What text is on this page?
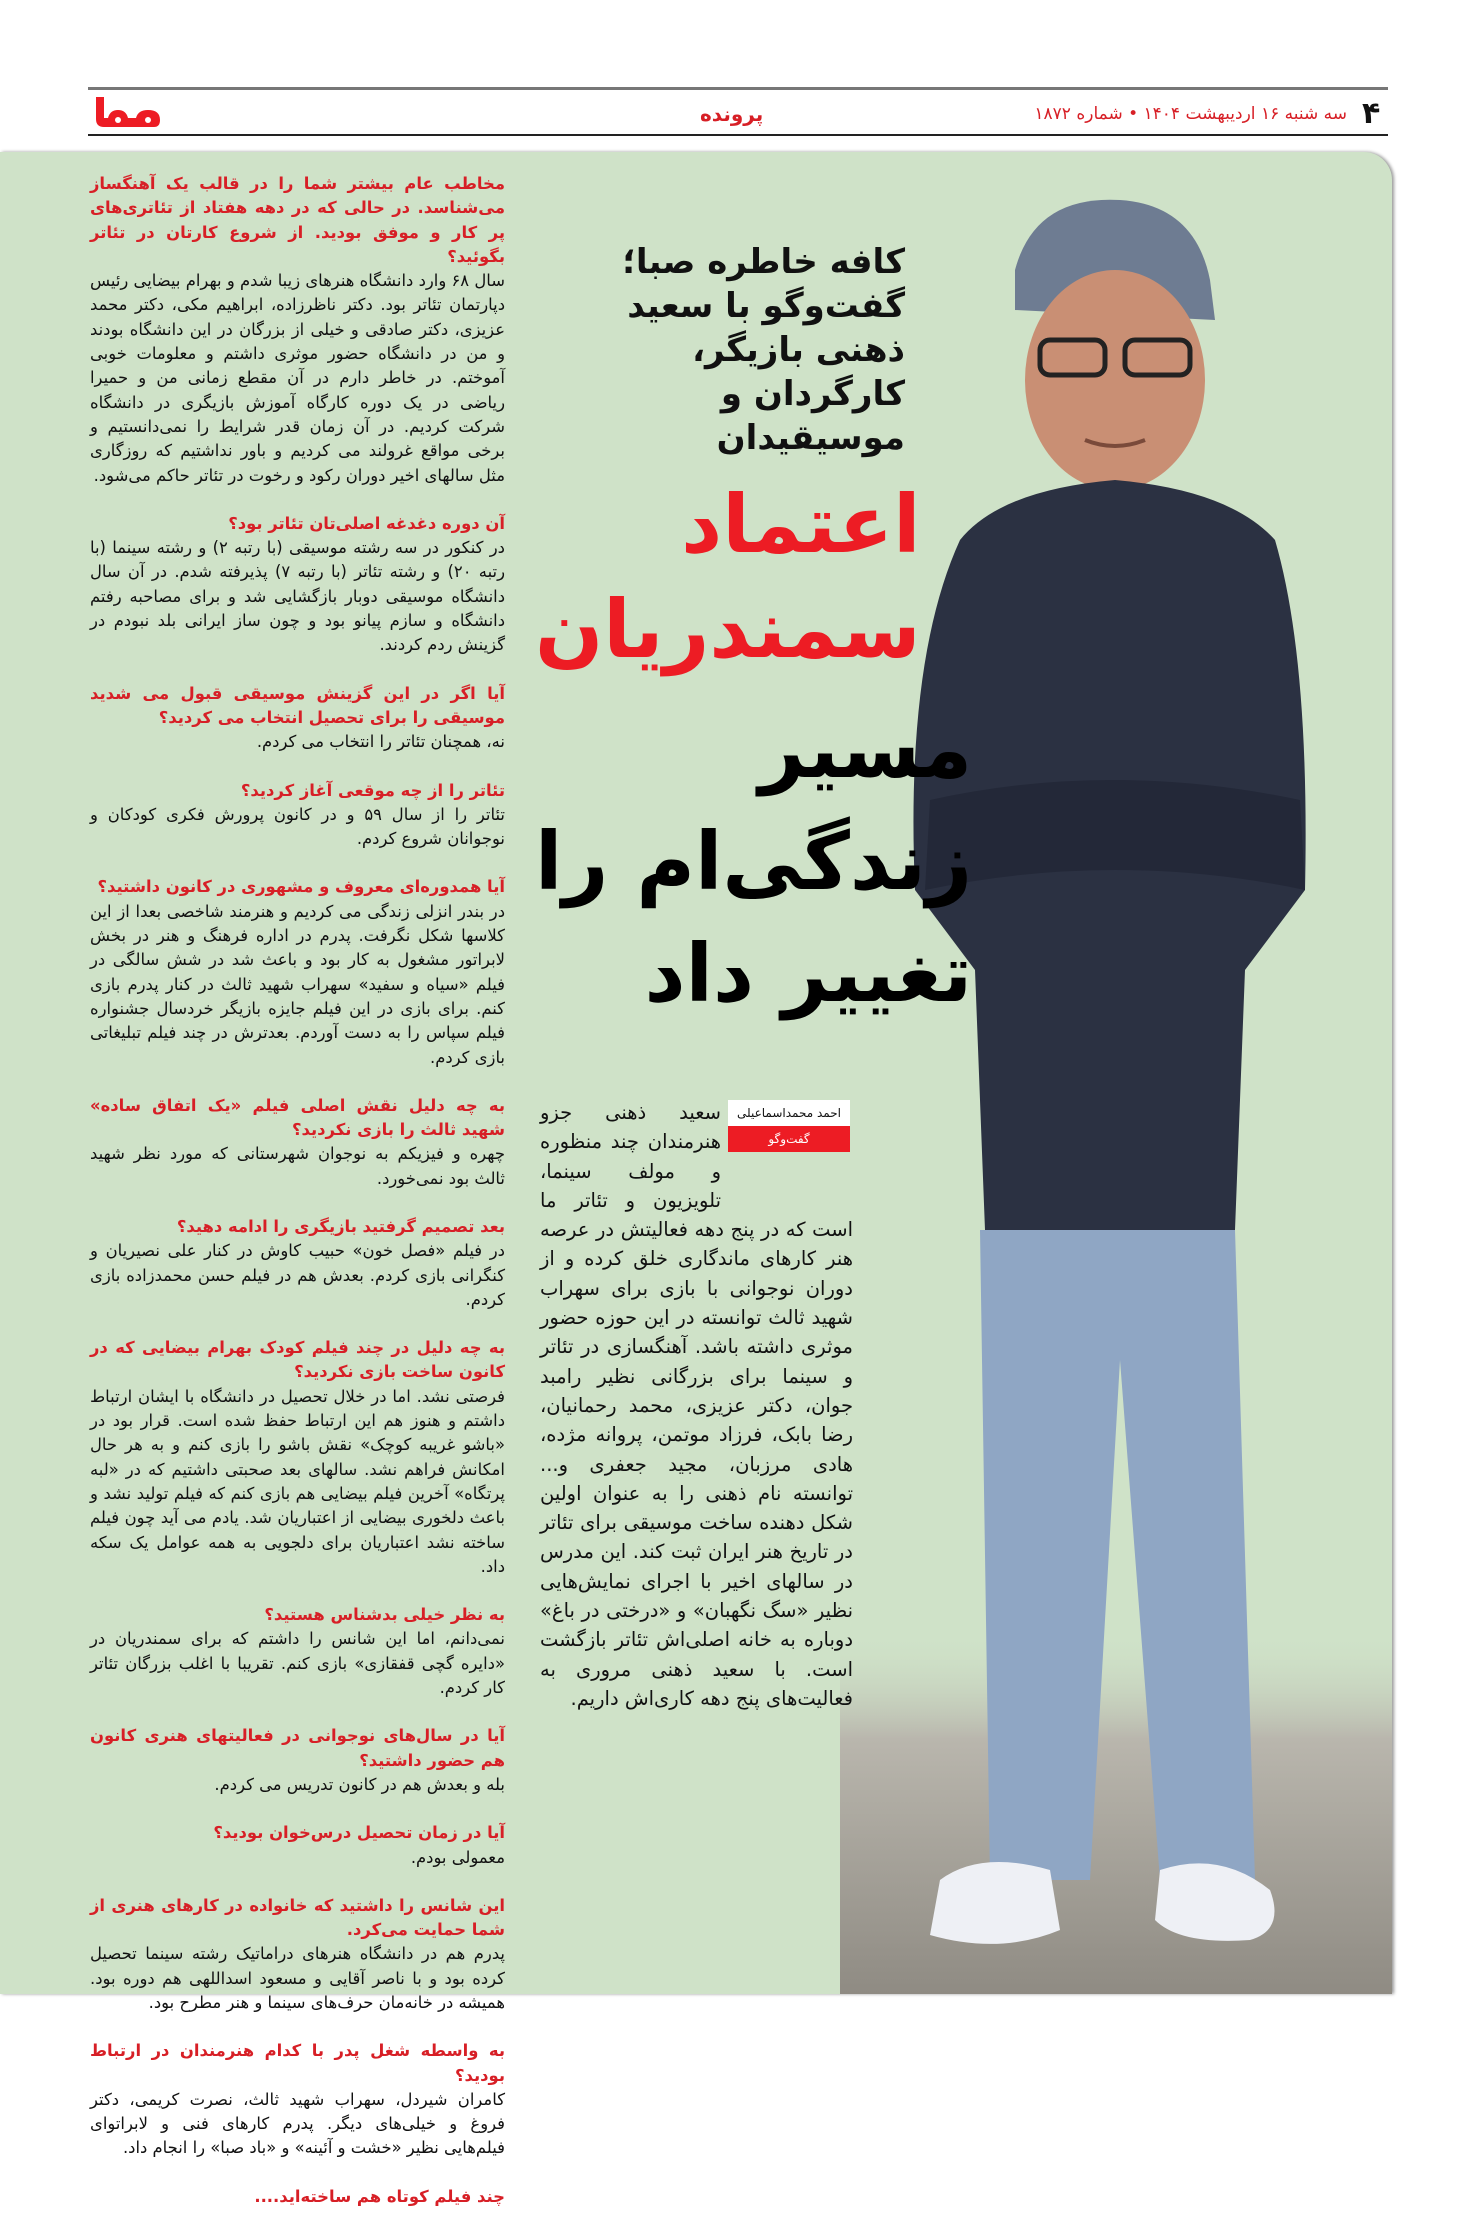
۴
سه شنبه ۱۶ اردیبهشت ۱۴۰۴ • شماره ۱۸۷۲
پرونده
کافه خاطره صبا؛ گفت‌وگو با سعید ذهنی بازیگر، کارگردان و موسیقیدان
اعتماد
سمندریان
مسیر
زندگی‌ام را
تغییر داد
احمد محمداسماعیلی
گفت‌وگو
سعید ذهنی جزو هنرمندان چند منظوره و مولف سینما، تلویزیون و تئاتر ما است که در پنج دهه فعالیتش در عرصه هنر کارهای ماندگاری خلق کرده و از دوران نوجوانی با بازی برای سهراب شهید ثالث توانسته در این حوزه حضور موثری داشته باشد. آهنگسازی در تئاتر و سینما برای بزرگانی نظیر رامبد جوان، دکتر عزیزی، محمد رحمانیان، رضا بابک، فرزاد موتمن، پروانه مژده، هادی مرزبان، مجید جعفری و... توانسته نام ذهنی را به عنوان اولین شکل دهنده ساخت موسیقی برای تئاتر در تاریخ هنر ایران ثبت کند. این مدرس در سالهای اخیر با اجرای نمایش‌هایی نظیر «سگ نگهبان» و «درختی در باغ» دوباره به خانه اصلی‌اش تئاتر بازگشت است. با سعید ذهنی مروری به فعالیت‌های پنج دهه کاری‌اش داریم.
مخاطب عام بیشتر شما را در قالب یک آهنگساز می‌شناسد. در حالی که در دهه هفتاد از تئاتری‌های پر کار و موفق بودید. از شروع کارتان در تئاتر بگوئید؟
سال ۶۸ وارد دانشگاه هنرهای زیبا شدم و بهرام بیضایی رئیس دپارتمان تئاتر بود. دکتر ناظرزاده، ابراهیم مکی، دکتر محمد عزیزی، دکتر صادقی و خیلی از بزرگان در این دانشگاه بودند و من در دانشگاه حضور موثری داشتم و معلومات خوبی آموختم. در خاطر دارم در آن مقطع زمانی من و حمیرا ریاضی در یک دوره کارگاه آموزش بازیگری در دانشگاه شرکت کردیم. در آن زمان قدر شرایط را نمی‌دانستیم و برخی مواقع غرولند می کردیم و باور نداشتیم که روزگاری مثل سالهای اخیر دوران رکود و رخوت در تئاتر حاکم می‌شود.
آن دوره دغدغه اصلی‌تان تئاتر بود؟
در کنکور در سه رشته موسیقی (با رتبه ۲) و رشته سینما (با رتبه ۲۰) و رشته تئاتر (با رتبه ۷) پذیرفته شدم. در آن سال دانشگاه موسیقی دوبار بازگشایی شد و برای مصاحبه رفتم دانشگاه و سازم پیانو بود و چون ساز ایرانی بلد نبودم در گزینش ردم کردند.
آیا اگر در این گزینش موسیقی قبول می شدید موسیقی را برای تحصیل انتخاب می کردید؟
نه، همچنان تئاتر را انتخاب می کردم.
تئاتر را از چه موقعی آغاز کردید؟
تئاتر را از سال ۵۹ و در کانون پرورش فکری کودکان و نوجوانان شروع کردم.
آیا همدوره‌ای معروف و مشهوری در کانون داشتید؟
در بندر انزلی زندگی می کردیم و هنرمند شاخصی بعدا از این کلاسها شکل نگرفت. پدرم در اداره فرهنگ و هنر در بخش لابراتور مشغول به کار بود و باعث شد در شش سالگی در فیلم «سیاه و سفید» سهراب شهید ثالث در کنار پدرم بازی کنم. برای بازی در این فیلم جایزه بازیگر خردسال جشنواره فیلم سپاس را به دست آوردم. بعدترش در چند فیلم تبلیغاتی بازی کردم.
به چه دلیل نقش اصلی فیلم «یک اتفاق ساده» شهید ثالث را بازی نکردید؟
چهره و فیزیکم به نوجوان شهرستانی که مورد نظر شهید ثالث بود نمی‌خورد.
بعد تصمیم گرفتید بازیگری را ادامه دهید؟
در فیلم «فصل خون» حبیب کاوش در کنار علی نصیریان و کنگرانی بازی کردم. بعدش هم در فیلم حسن محمدزاده بازی کردم.
به چه دلیل در چند فیلم کودک بهرام بیضایی که در کانون ساخت بازی نکردید؟
فرصتی نشد. اما در خلال تحصیل در دانشگاه با ایشان ارتباط داشتم و هنوز هم این ارتباط حفظ شده است. قرار بود در «باشو غریبه کوچک» نقش باشو را بازی کنم و به هر حال امکانش فراهم نشد. سالهای بعد صحبتی داشتیم که در «لبه پرتگاه» آخرین فیلم بیضایی هم بازی کنم که فیلم تولید نشد و باعث دلخوری بیضایی از اعتباریان شد. یادم می آید چون فیلم ساخته نشد اعتباریان برای دلجویی به همه عوامل یک سکه داد.
به نظر خیلی بدشناس هستید؟
نمی‌دانم، اما این شانس را داشتم که برای سمندریان در «دایره گچی قفقازی» بازی کنم. تقریبا با اغلب بزرگان تئاتر کار کردم.
آیا در سال‌های نوجوانی در فعالیتهای هنری کانون هم حضور داشتید؟
بله و بعدش هم در کانون تدریس می کردم.
آیا در زمان تحصیل درس‌خوان بودید؟
معمولی بودم.
این شانس را داشتید که خانواده در کارهای هنری از شما حمایت می‌کرد.
پدرم هم در دانشگاه هنرهای دراماتیک رشته سینما تحصیل کرده بود و با ناصر آقایی و مسعود اسداللهی هم دوره بود. همیشه در خانه‌مان حرف‌های سینما و هنر مطرح بود.
به واسطه شغل پدر با کدام هنرمندان در ارتباط بودید؟
کامران شیردل، سهراب شهید ثالث، نصرت کریمی، دکتر فروغ و خیلی‌های دیگر. پدرم کارهای فنی و لابراتوای فیلم‌هایی نظیر «خشت و آئینه» و «باد صبا» را انجام داد.
چند فیلم کوتاه هم ساخته‌اید....
